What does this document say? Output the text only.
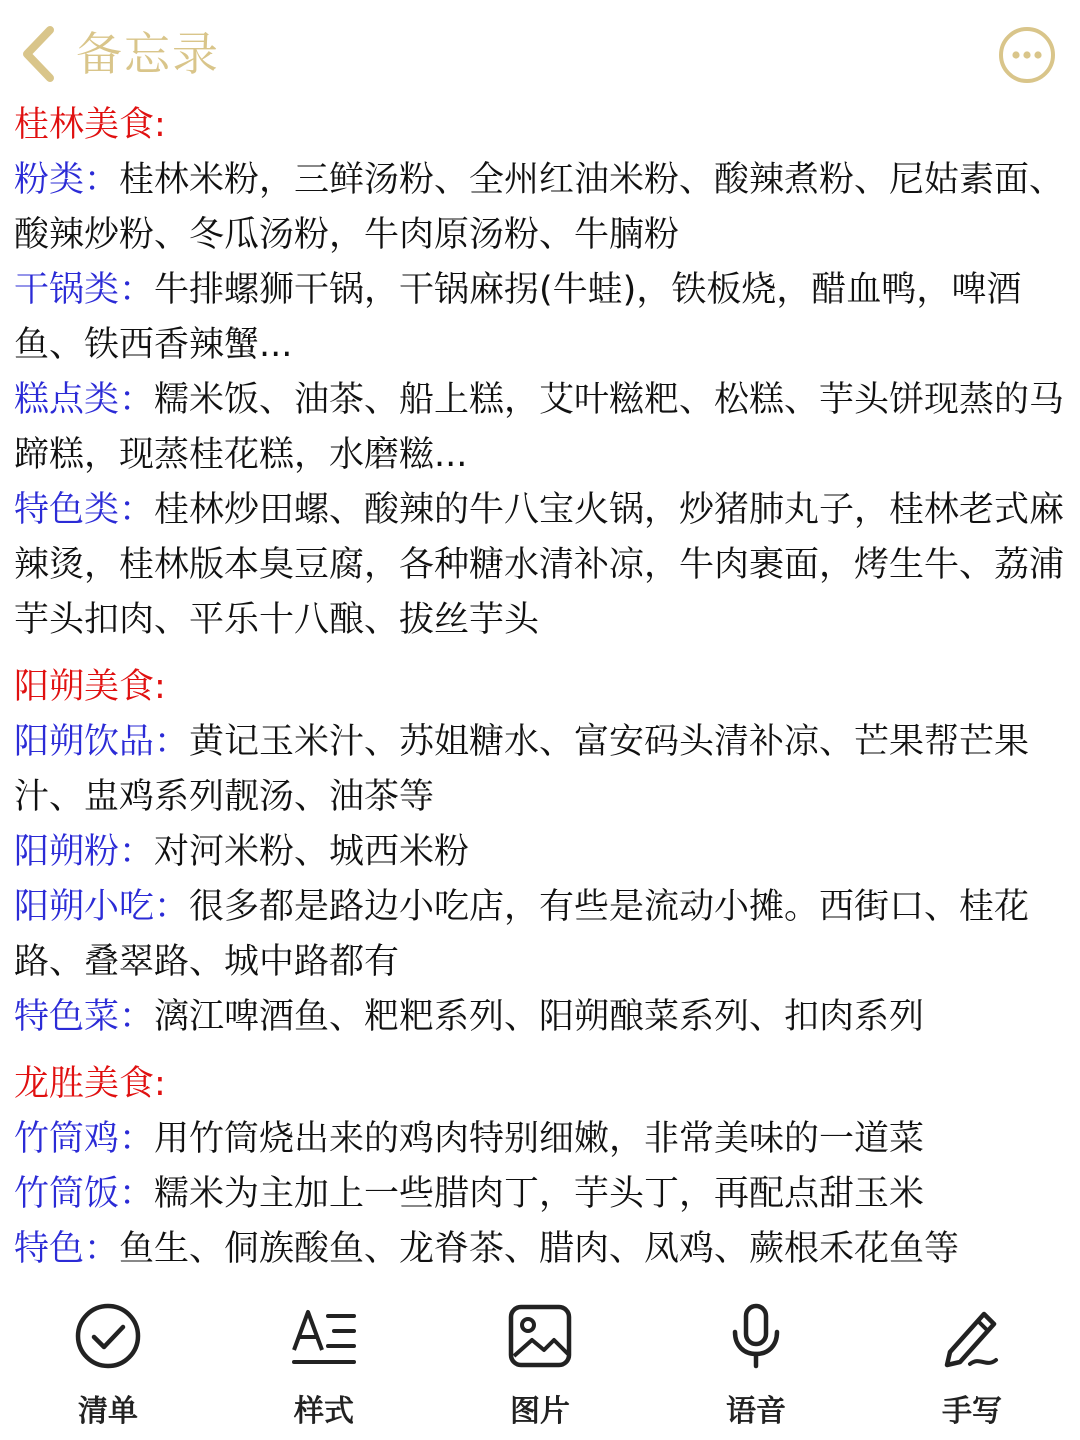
备忘录

桂林美食:

粉类：桂林米粉，三鲜汤粉、全州红油米粉、酸辣煮粉、尼姑素面、酸辣炒粉、冬瓜汤粉，牛肉原汤粉、牛腩粉

干锅类：牛排螺狮干锅，干锅麻拐(牛蛙)，铁板烧，醋血鸭，啤酒鱼、铁西香辣蟹...

糕点类：糯米饭、油茶、船上糕，艾叶糍粑、松糕、芋头饼现蒸的马蹄糕，现蒸桂花糕，水磨糍...

特色类：桂林炒田螺、酸辣的牛八宝火锅，炒猪肺丸子，桂林老式麻辣烫，桂林版本臭豆腐，各种糖水清补凉，牛肉裹面，烤生牛、荔浦芋头扣肉、平乐十八酿、拔丝芋头

阳朔美食:

阳朔饮品：黄记玉米汁、苏姐糖水、富安码头清补凉、芒果帮芒果汁、盅鸡系列靓汤、油茶等

阳朔粉：对河米粉、城西米粉

阳朔小吃：很多都是路边小吃店，有些是流动小摊。西街口、桂花路、叠翠路、城中路都有

特色菜：漓江啤酒鱼、粑粑系列、阳朔酿菜系列、扣肉系列

龙胜美食:

竹筒鸡：用竹筒烧出来的鸡肉特别细嫩，非常美味的一道菜

竹筒饭：糯米为主加上一些腊肉丁，芋头丁，再配点甜玉米

特色：鱼生、侗族酸鱼、龙脊茶、腊肉、凤鸡、蕨根禾花鱼等

清单	样式	图片	语音	手写
